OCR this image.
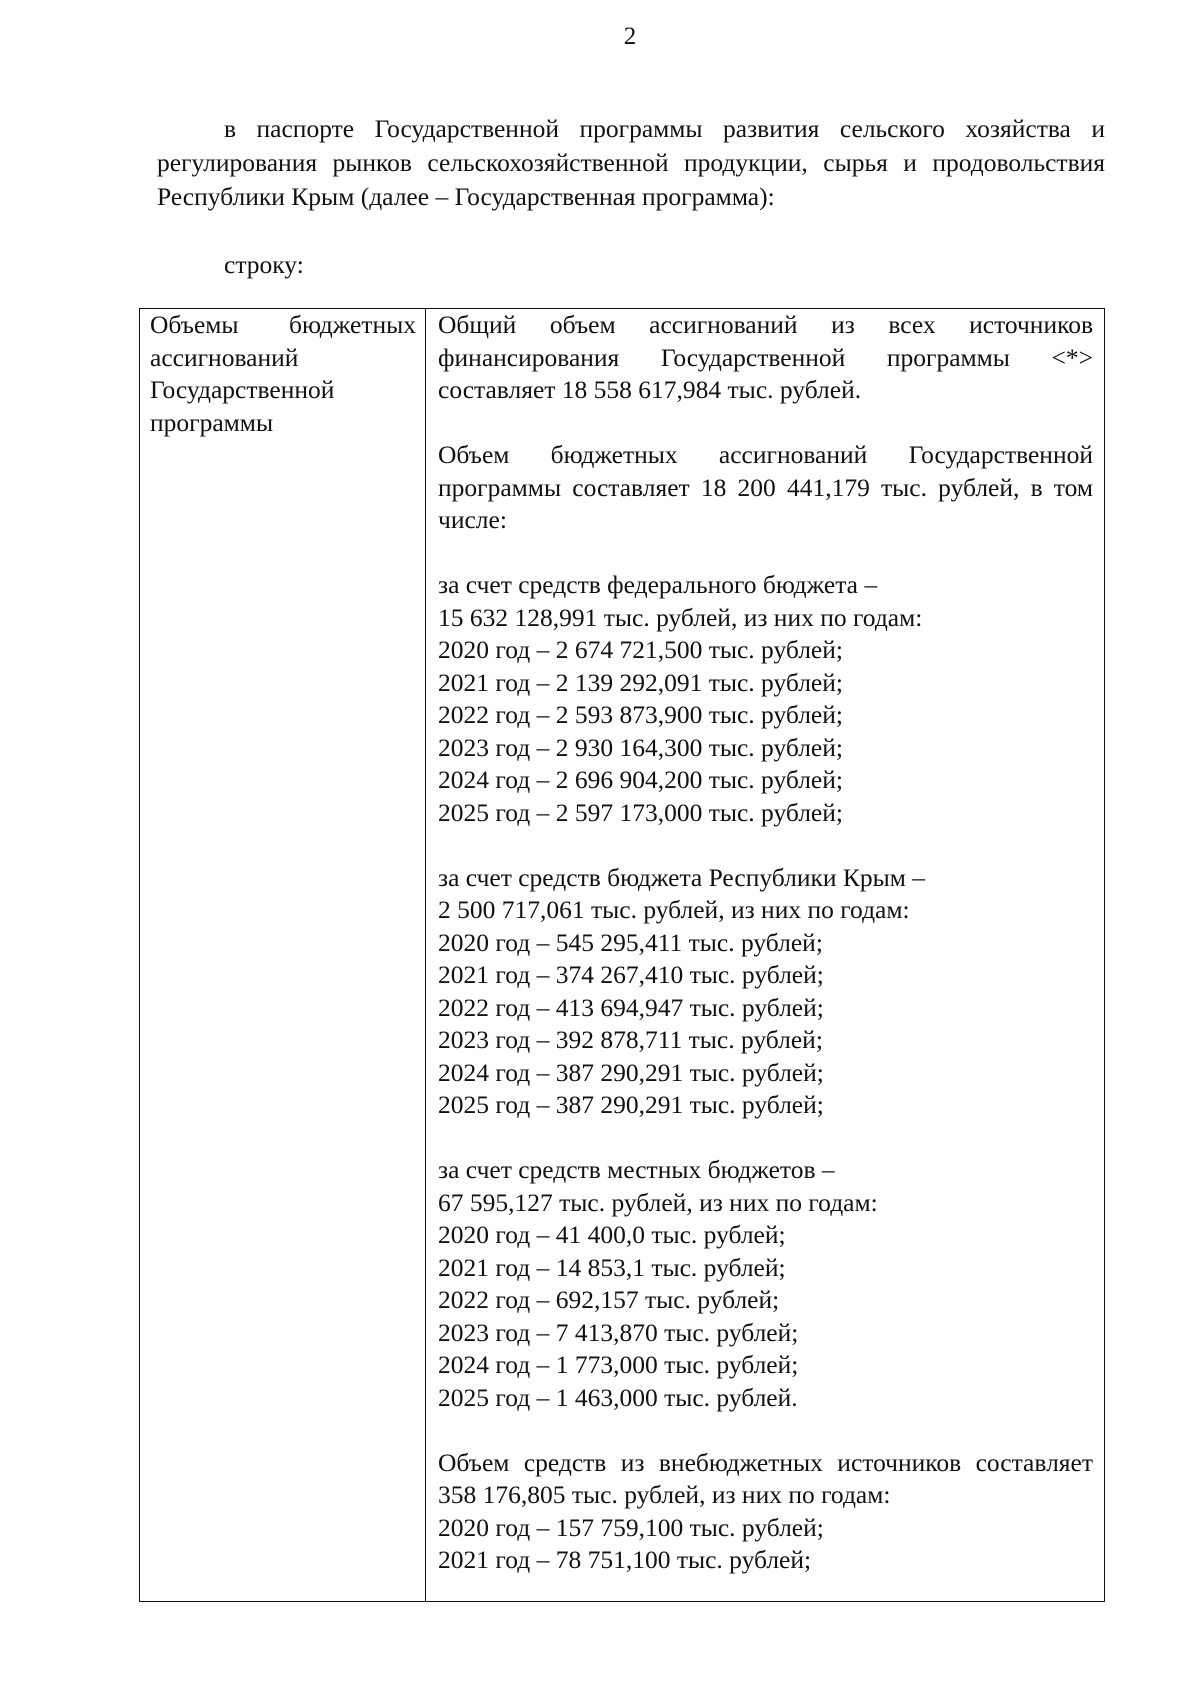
2

в паспорте Государственной программы развития сельского хозяйства и регулирования рынков сельскохозяйственной продукции, сырья и продовольствия Республики Крым (далее – Государственная программа):

строку:

Объемы бюджетных
ассигнований
Государственной
программы

Общий объем ассигнований из всех источников финансирования Государственной программы <*> составляет 18 558 617,984 тыс. рублей.

Объем бюджетных ассигнований Государственной программы составляет 18 200 441,179 тыс. рублей, в том числе:

за счет средств федерального бюджета –
15 632 128,991 тыс. рублей, из них по годам:
2020 год – 2 674 721,500 тыс. рублей;
2021 год – 2 139 292,091 тыс. рублей;
2022 год – 2 593 873,900 тыс. рублей;
2023 год – 2 930 164,300 тыс. рублей;
2024 год – 2 696 904,200 тыс. рублей;
2025 год – 2 597 173,000 тыс. рублей;
за счет средств бюджета Республики Крым –
2 500 717,061 тыс. рублей, из них по годам:
2020 год – 545 295,411 тыс. рублей;
2021 год – 374 267,410 тыс. рублей;
2022 год – 413 694,947 тыс. рублей;
2023 год – 392 878,711 тыс. рублей;
2024 год – 387 290,291 тыс. рублей;
2025 год – 387 290,291 тыс. рублей;
за счет средств местных бюджетов –
67 595,127 тыс. рублей, из них по годам:
2020 год – 41 400,0 тыс. рублей;
2021 год – 14 853,1 тыс. рублей;
2022 год – 692,157 тыс. рублей;
2023 год – 7 413,870 тыс. рублей;
2024 год – 1 773,000 тыс. рублей;
2025 год – 1 463,000 тыс. рублей.

Объем средств из внебюджетных источников составляет 358 176,805 тыс. рублей, из них по годам:

2020 год – 157 759,100 тыс. рублей;
2021 год – 78 751,100 тыс. рублей;
